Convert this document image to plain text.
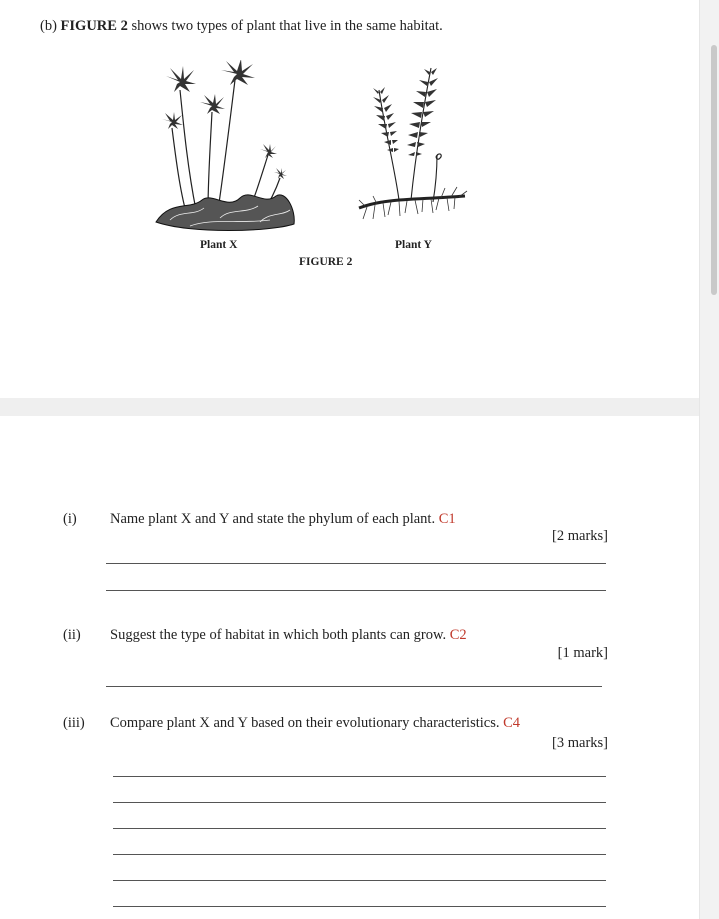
(b) FIGURE 2 shows two types of plant that live in the same habitat.
Plant X	Plant Y
FIGURE 2
(i) Name plant X and Y and state the phylum of each plant. C1
[2 marks]
(ii) Suggest the type of habitat in which both plants can grow. C2
[1 mark]
(iii) Compare plant X and Y based on their evolutionary characteristics. C4
[3 marks]
